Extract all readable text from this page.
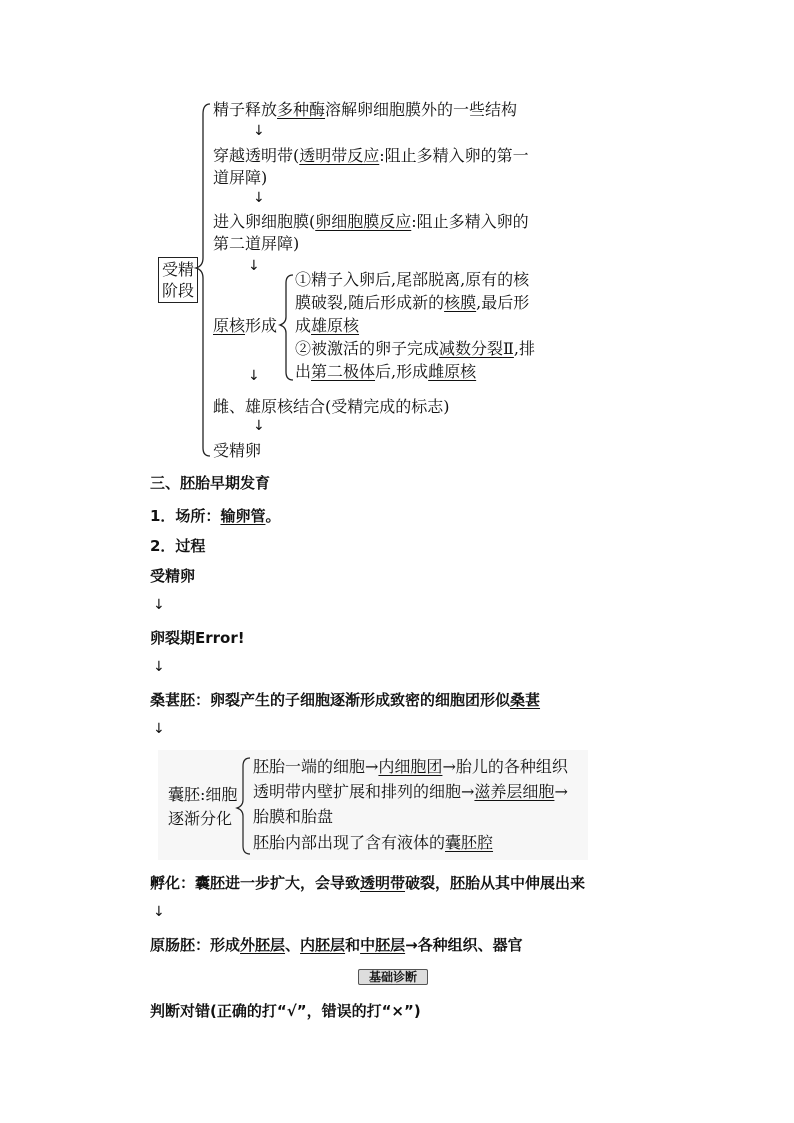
受精
阶段
精子释放多种酶溶解卵细胞膜外的一些结构
↓
穿越透明带(透明带反应:阻止多精入卵的第一
道屏障)
↓
进入卵细胞膜(卵细胞膜反应:阻止多精入卵的
第二道屏障)
↓
原核形成
①精子入卵后,尾部脱离,原有的核
膜破裂,随后形成新的核膜,最后形
成雄原核
②被激活的卵子完成减数分裂Ⅱ,排
出第二极体后,形成雌原核
↓
雌、雄原核结合(受精完成的标志)
↓
受精卵
三、胚胎早期发育
1．场所：输卵管。
2．过程
受精卵
↓
卵裂期Error!
↓
桑葚胚：卵裂产生的子细胞逐渐形成致密的细胞团形似桑葚
↓
囊胚:细胞
逐渐分化
胚胎一端的细胞→内细胞团→胎儿的各种组织
透明带内壁扩展和排列的细胞→滋养层细胞→
胎膜和胎盘
胚胎内部出现了含有液体的囊胚腔
孵化：囊胚进一步扩大，会导致透明带破裂，胚胎从其中伸展出来
↓
原肠胚：形成外胚层、内胚层和中胚层→各种组织、器官
基础诊断
判断对错(正确的打“√”，错误的打“×”)
